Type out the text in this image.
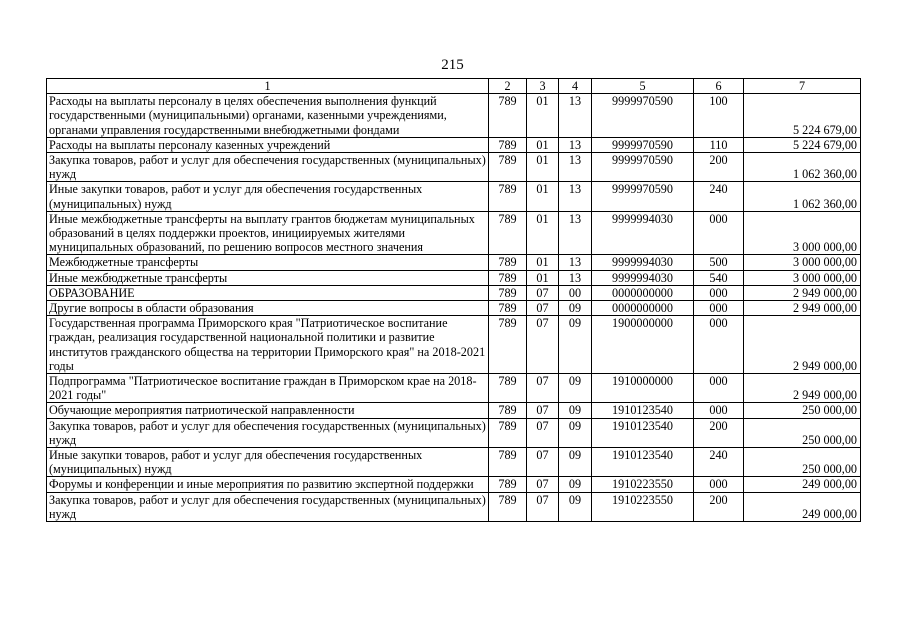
215
1	2	3	4	5	6	7
Расходы на выплаты персоналу в целях обеспечения выполнения функций государственными (муниципальными) органами, казенными учреждениями, органами управления государственными внебюджетными фондами	789	01	13	9999970590	100	5 224 679,00
Расходы на выплаты персоналу казенных учреждений	789	01	13	9999970590	110	5 224 679,00
Закупка товаров, работ и услуг для обеспечения государственных (муниципальных) нужд	789	01	13	9999970590	200	1 062 360,00
Иные закупки товаров, работ и услуг для обеспечения государственных (муниципальных) нужд	789	01	13	9999970590	240	1 062 360,00
Иные межбюджетные трансферты на выплату грантов бюджетам муниципальных образований в целях поддержки проектов, инициируемых жителями муниципальных образований, по решению вопросов местного значения	789	01	13	9999994030	000	3 000 000,00
Межбюджетные трансферты	789	01	13	9999994030	500	3 000 000,00
Иные межбюджетные трансферты	789	01	13	9999994030	540	3 000 000,00
ОБРАЗОВАНИЕ	789	07	00	0000000000	000	2 949 000,00
Другие вопросы в области образования	789	07	09	0000000000	000	2 949 000,00
Государственная программа Приморского края "Патриотическое воспитание граждан, реализация государственной национальной политики и развитие институтов гражданского общества на территории Приморского края" на 2018-2021 годы	789	07	09	1900000000	000	2 949 000,00
Подпрограмма "Патриотическое воспитание граждан в Приморском крае на 2018-2021 годы"	789	07	09	1910000000	000	2 949 000,00
Обучающие мероприятия патриотической направленности	789	07	09	1910123540	000	250 000,00
Закупка товаров, работ и услуг для обеспечения государственных (муниципальных) нужд	789	07	09	1910123540	200	250 000,00
Иные закупки товаров, работ и услуг для обеспечения государственных (муниципальных) нужд	789	07	09	1910123540	240	250 000,00
Форумы и конференции и иные мероприятия по развитию экспертной поддержки	789	07	09	1910223550	000	249 000,00
Закупка товаров, работ и услуг для обеспечения государственных (муниципальных) нужд	789	07	09	1910223550	200	249 000,00
